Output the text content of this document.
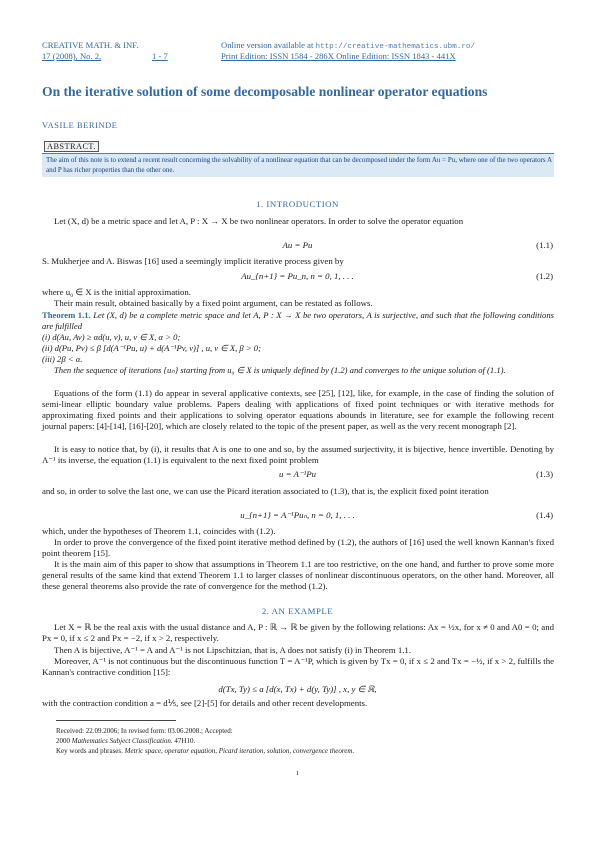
CREATIVE MATH. & INF.
17 (2008), No. 2,	1 - 7
Online version available at http://creative-mathematics.ubm.ro/
Print Edition: ISSN 1584 - 286X Online Edition: ISSN 1843 - 441X
On the iterative solution of some decomposable nonlinear operator equations
VASILE BERINDE
ABSTRACT.
The aim of this note is to extend a recent result concerning the solvability of a nonlinear equation that can be decomposed under the form Au = Pu, where one of the two operators A and P has richer properties than the other one.
1. INTRODUCTION
Let (X, d) be a metric space and let A, P : X → X be two nonlinear operators. In order to solve the operator equation
Au = Pu	(1.1)
S. Mukherjee and A. Biswas [16] used a seemingly implicit iterative process given by
Au_{n+1} = Pu_n, n = 0, 1, . . .	(1.2)
where u₀ ∈ X is the initial approximation.
Their main result, obtained basically by a fixed point argument, can be restated as follows.
Theorem 1.1. Let (X, d) be a complete metric space and let A, P : X → X be two operators, A is surjective, and such that the following conditions are fulfilled
(i) d(Au, Av) ≥ αd(u, v), u, v ∈ X, α > 0;
(ii) d(Pu, Pv) ≤ β [d(A⁻¹Pu, u) + d(A⁻¹Pv, v)] , u, v ∈ X, β > 0;
(iii) 2β < α.
Then the sequence of iterations {uₙ} starting from u₀ ∈ X is uniquely defined by (1.2) and converges to the unique solution of (1.1).
Equations of the form (1.1) do appear in several applicative contexts, see [25], [12], like, for example, in the case of finding the solution of semi-linear elliptic boundary value problems. Papers dealing with applications of fixed point techniques or with iterative methods for approximating fixed points and their applications to solving operator equations abounds in literature, see for example the following recent journal papers: [4]-[14], [16]-[20], which are closely related to the topic of the present paper, as well as the very recent monograph [2].
It is easy to notice that, by (i), it results that A is one to one and so, by the assumed surjectivity, it is bijective, hence invertible. Denoting by A⁻¹ its inverse, the equation (1.1) is equivalent to the next fixed point problem
u = A⁻¹Pu	(1.3)
and so, in order to solve the last one, we can use the Picard iteration associated to (1.3), that is, the explicit fixed point iteration
u_{n+1} = A⁻¹Puₙ, n = 0, 1, . . .	(1.4)
which, under the hypotheses of Theorem 1.1, coincides with (1.2).
In order to prove the convergence of the fixed point iterative method defined by (1.2), the authors of [16] used the well known Kannan's fixed point theorem [15].
It is the main aim of this paper to show that assumptions in Theorem 1.1 are too restrictive, on the one hand, and further to prove some more general results of the same kind that extend Theorem 1.1 to larger classes of nonlinear discontinuous operators, on the other hand. Moreover, all these general theorems also provide the rate of convergence for the method (1.2).
2. AN EXAMPLE
Let X = ℝ be the real axis with the usual distance and A, P : ℝ → ℝ be given by the following relations: Ax = ½x, for x ≠ 0 and A0 = 0; and Px = 0, if x ≤ 2 and Px = −2, if x > 2, respectively.
Then A is bijective, A⁻¹ = A and A⁻¹ is not Lipschitzian, that is, A does not satisfy (i) in Theorem 1.1.
Moreover, A⁻¹ is not continuous but the discontinuous function T = A⁻¹P, which is given by Tx = 0, if x ≤ 2 and Tx = −½, if x > 2, fulfills the Kannan's contractive condition [15]:
d(Tx, Ty) ≤ a [d(x, Tx) + d(y, Ty)] , x, y ∈ ℝ,
with the contraction condition a = d⅕, see [2]-[5] for details and other recent developments.
Received: 22.09.2006; In revised form: 03.06.2008.; Accepted:
2000 Mathematics Subject Classification. 47H10.
Key words and phrases. Metric space, operator equation, Picard iteration, solution, convergence theorem.
1
